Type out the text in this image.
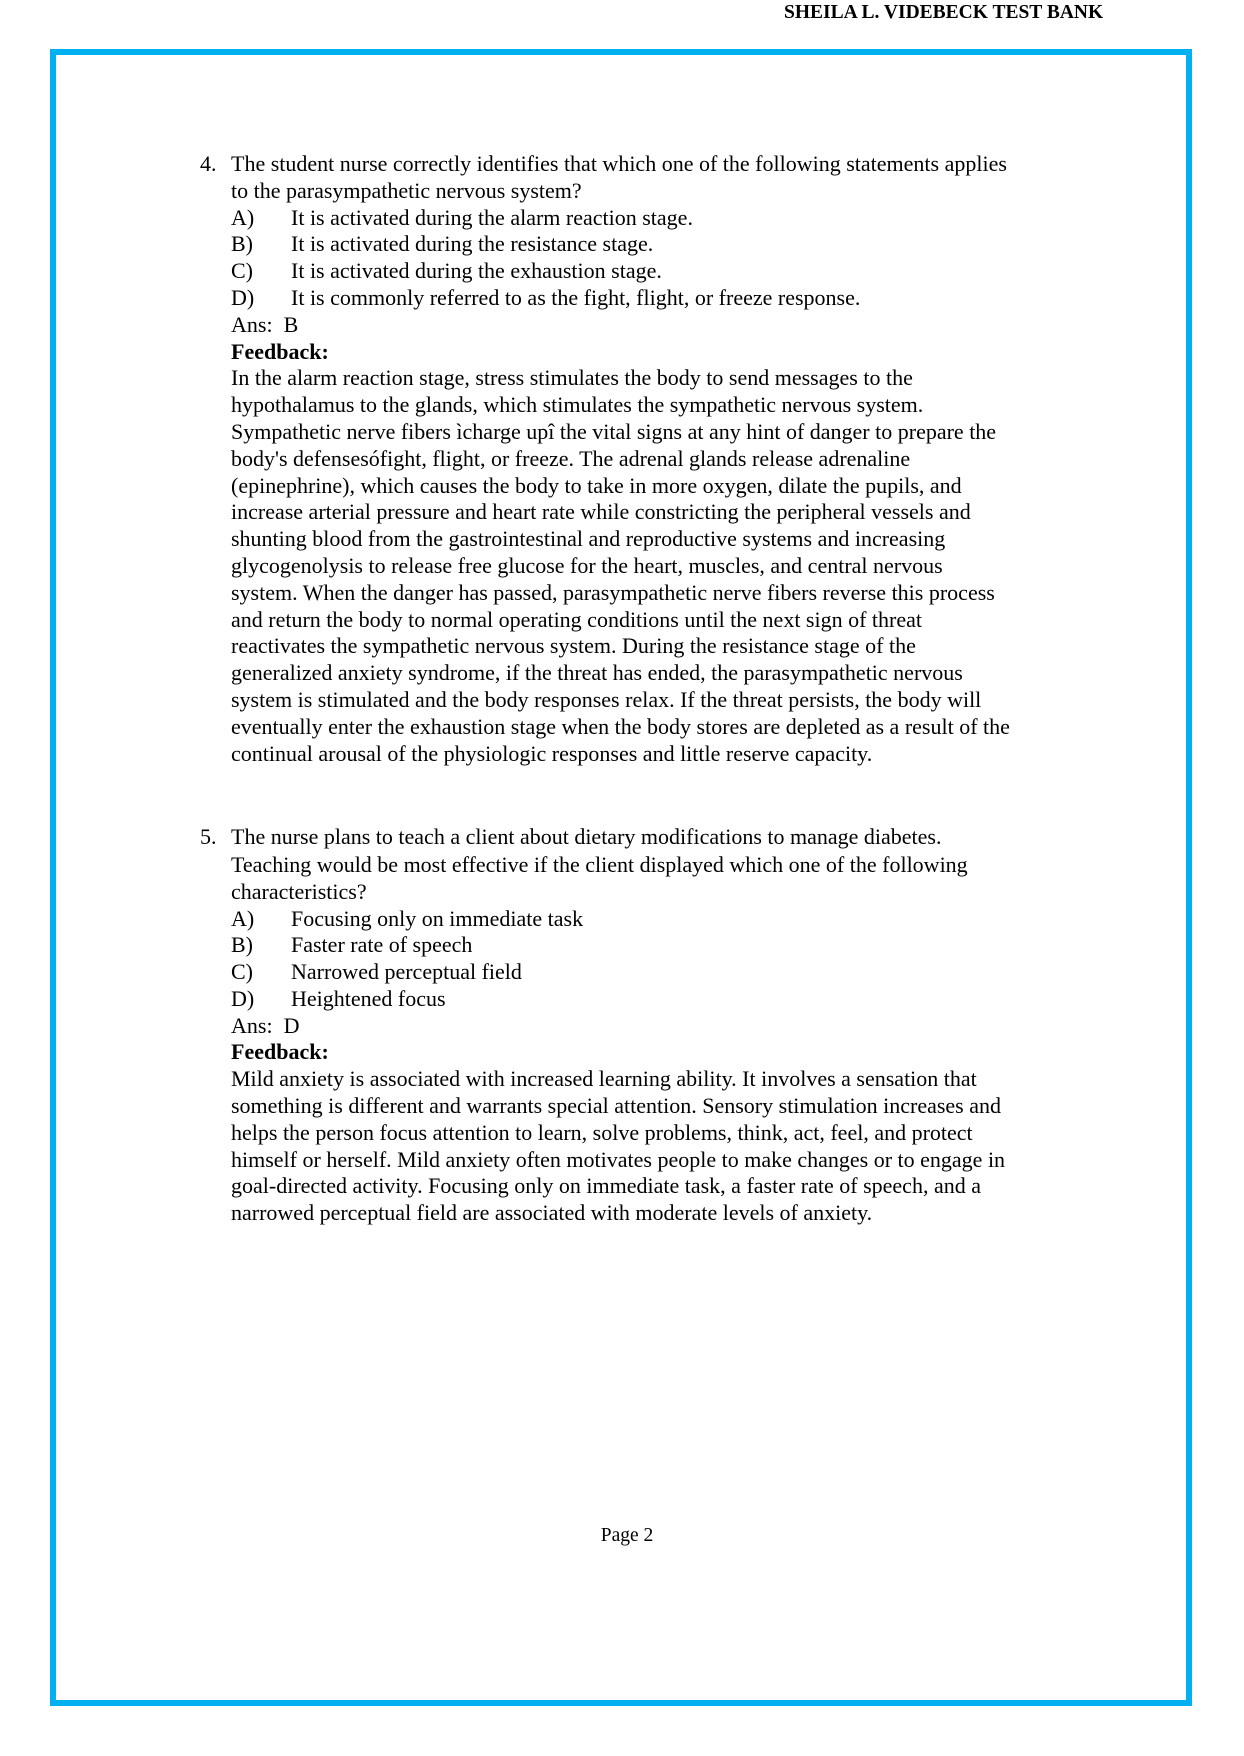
SHEILA L. VIDEBECK TEST BANK
4. The student nurse correctly identifies that which one of the following statements applies
to the parasympathetic nervous system?
A) It is activated during the alarm reaction stage.
B) It is activated during the resistance stage.
C) It is activated during the exhaustion stage.
D) It is commonly referred to as the fight, flight, or freeze response.
Ans: B
Feedback:
In the alarm reaction stage, stress stimulates the body to send messages to the
hypothalamus to the glands, which stimulates the sympathetic nervous system.
Sympathetic nerve fibers ìcharge upî the vital signs at any hint of danger to prepare the
body's defensesófight, flight, or freeze. The adrenal glands release adrenaline
(epinephrine), which causes the body to take in more oxygen, dilate the pupils, and
increase arterial pressure and heart rate while constricting the peripheral vessels and
shunting blood from the gastrointestinal and reproductive systems and increasing
glycogenolysis to release free glucose for the heart, muscles, and central nervous
system. When the danger has passed, parasympathetic nerve fibers reverse this process
and return the body to normal operating conditions until the next sign of threat
reactivates the sympathetic nervous system. During the resistance stage of the
generalized anxiety syndrome, if the threat has ended, the parasympathetic nervous
system is stimulated and the body responses relax. If the threat persists, the body will
eventually enter the exhaustion stage when the body stores are depleted as a result of the
continual arousal of the physiologic responses and little reserve capacity.
5. The nurse plans to teach a client about dietary modifications to manage diabetes.
Teaching would be most effective if the client displayed which one of the following
characteristics?
A) Focusing only on immediate task
B) Faster rate of speech
C) Narrowed perceptual field
D) Heightened focus
Ans: D
Feedback:
Mild anxiety is associated with increased learning ability. It involves a sensation that
something is different and warrants special attention. Sensory stimulation increases and
helps the person focus attention to learn, solve problems, think, act, feel, and protect
himself or herself. Mild anxiety often motivates people to make changes or to engage in
goal-directed activity. Focusing only on immediate task, a faster rate of speech, and a
narrowed perceptual field are associated with moderate levels of anxiety.
Page 2
